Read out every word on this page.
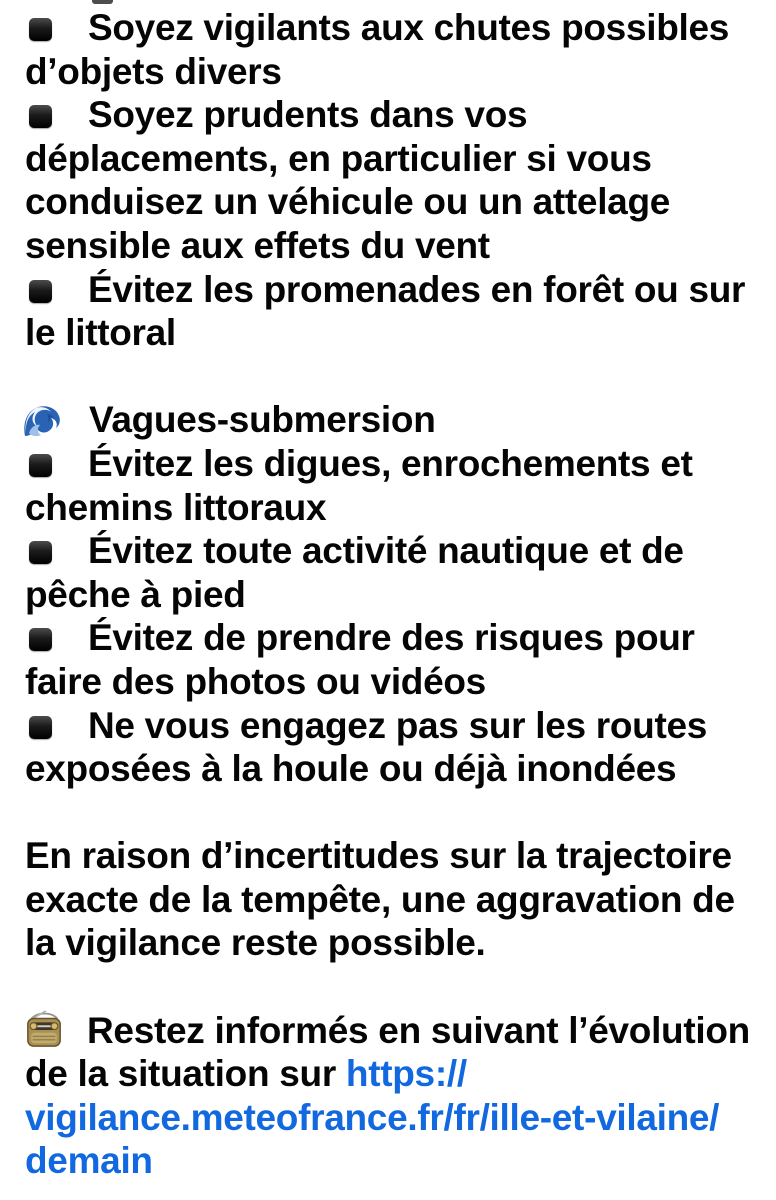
Soyez vigilants aux chutes possibles
d’objets divers
Soyez prudents dans vos
déplacements, en particulier si vous
conduisez un véhicule ou un attelage
sensible aux effets du vent
Évitez les promenades en forêt ou sur
le littoral
Vagues-submersion
Évitez les digues, enrochements et
chemins littoraux
Évitez toute activité nautique et de
pêche à pied
Évitez de prendre des risques pour
faire des photos ou vidéos
Ne vous engagez pas sur les routes
exposées à la houle ou déjà inondées
En raison d’incertitudes sur la trajectoire
exacte de la tempête, une aggravation de
la vigilance reste possible.
Restez informés en suivant l’évolution
de la situation sur https://
vigilance.meteofrance.fr/fr/ille-et-vilaine/
demain
